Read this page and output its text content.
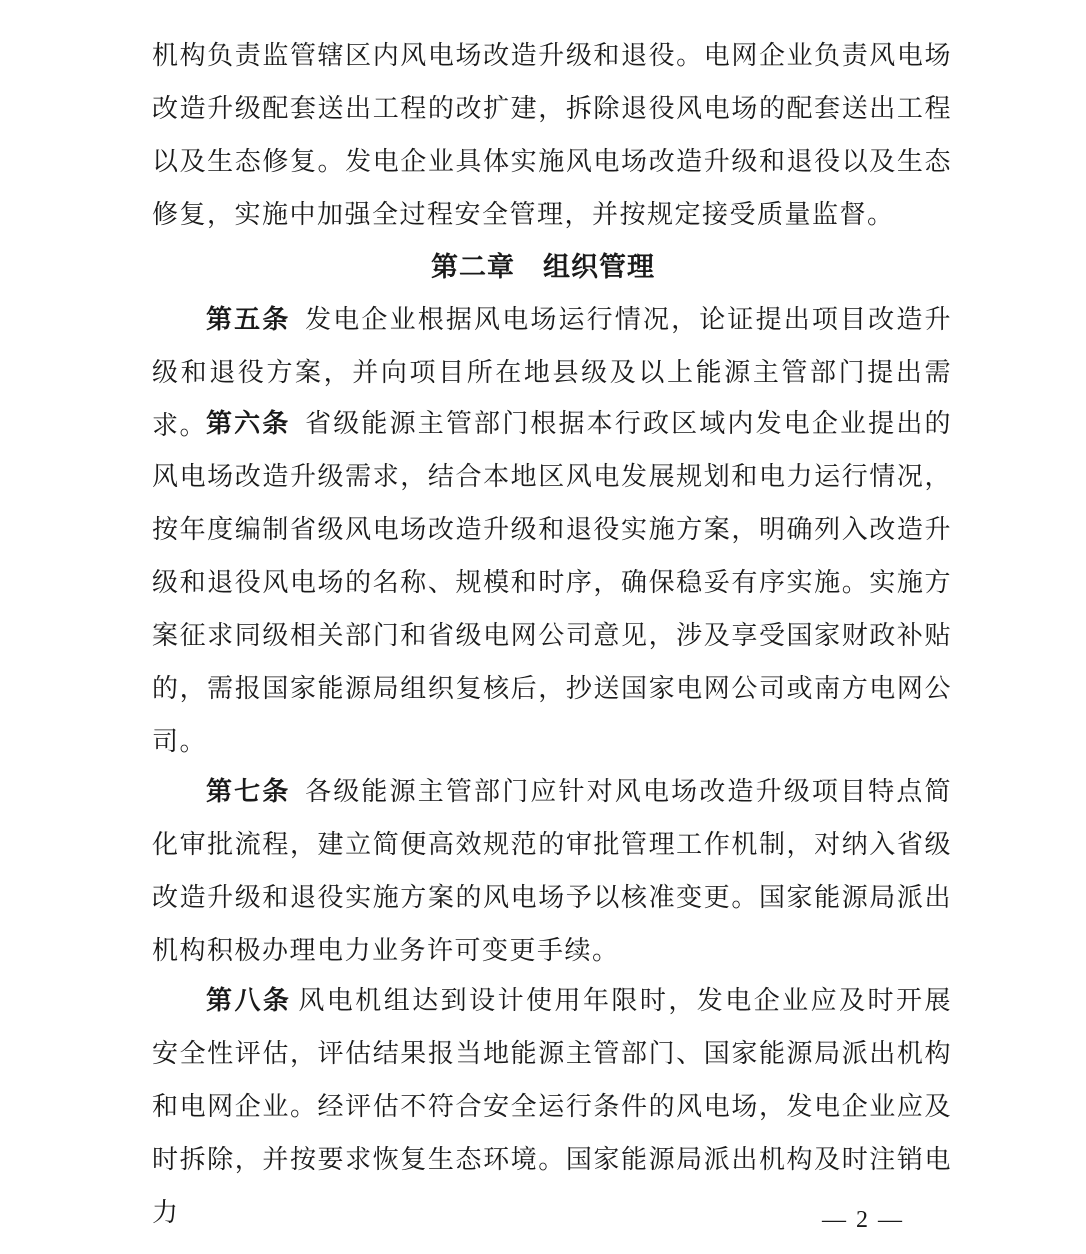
机构负责监管辖区内风电场改造升级和退役。电网企业负责风电场改造升级配套送出工程的改扩建，拆除退役风电场的配套送出工程以及生态修复。发电企业具体实施风电场改造升级和退役以及生态修复，实施中加强全过程安全管理，并按规定接受质量监督。

第二章　组织管理

第五条 发电企业根据风电场运行情况，论证提出项目改造升级和退役方案，并向项目所在地县级及以上能源主管部门提出需求。

第六条 省级能源主管部门根据本行政区域内发电企业提出的风电场改造升级需求，结合本地区风电发展规划和电力运行情况，按年度编制省级风电场改造升级和退役实施方案，明确列入改造升级和退役风电场的名称、规模和时序，确保稳妥有序实施。实施方案征求同级相关部门和省级电网公司意见，涉及享受国家财政补贴的，需报国家能源局组织复核后，抄送国家电网公司或南方电网公司。

第七条 各级能源主管部门应针对风电场改造升级项目特点简化审批流程，建立简便高效规范的审批管理工作机制，对纳入省级改造升级和退役实施方案的风电场予以核准变更。国家能源局派出机构积极办理电力业务许可变更手续。

第八条 风电机组达到设计使用年限时，发电企业应及时开展安全性评估，评估结果报当地能源主管部门、国家能源局派出机构和电网企业。经评估不符合安全运行条件的风电场，发电企业应及时拆除，并按要求恢复生态环境。国家能源局派出机构及时注销电力	— 2 —
